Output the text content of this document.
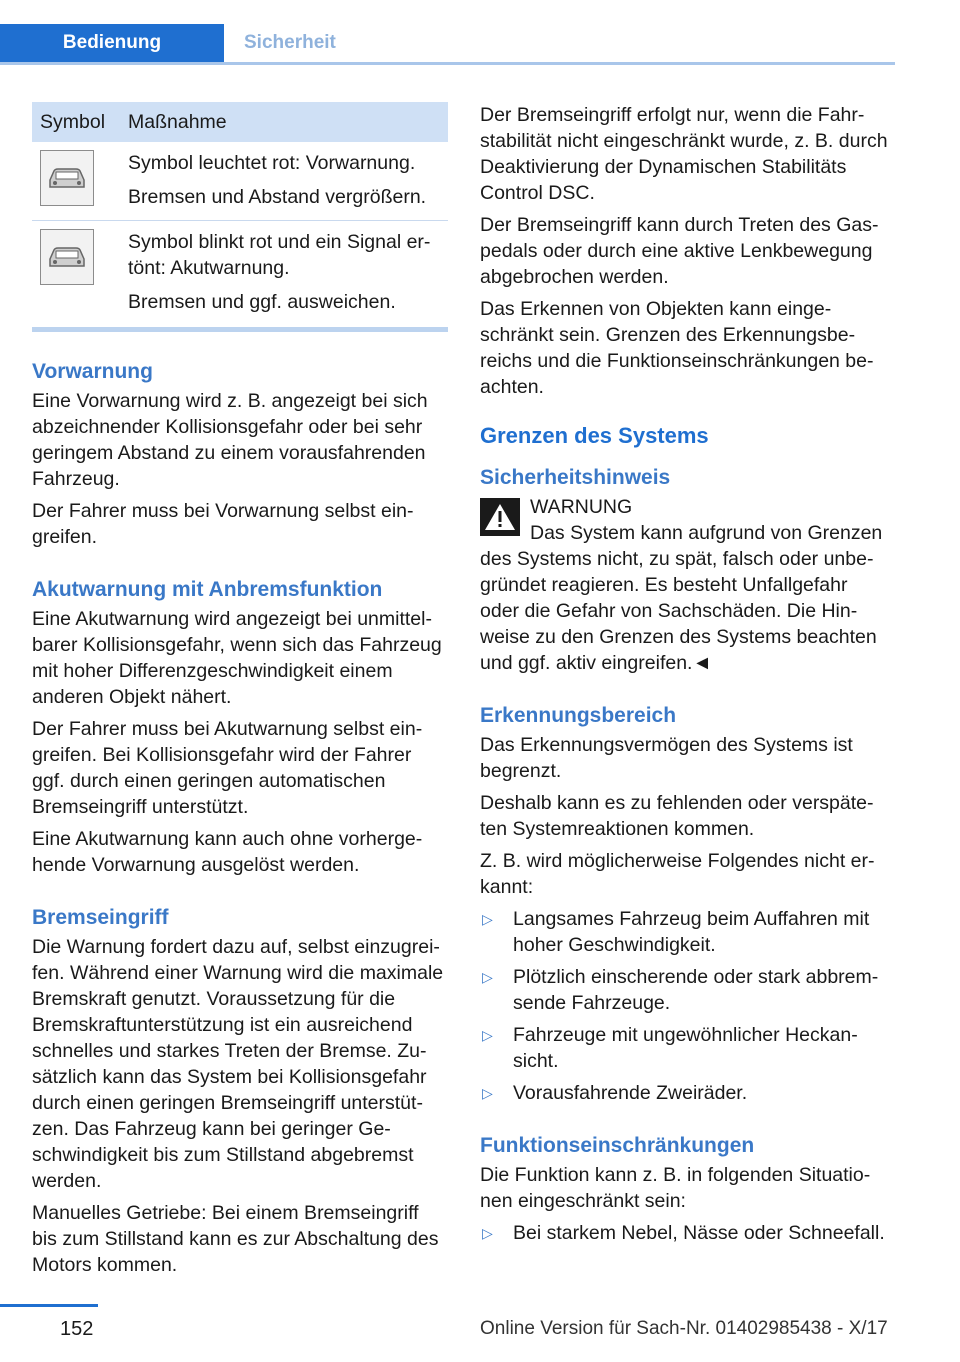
Bedienung	Sicherheit
Symbol	Maßnahme

Symbol leuchtet rot: Vorwarnung.
Bremsen und Abstand vergrößern.

Symbol blinkt rot und ein Signal ertönt: Akutwarnung.
Bremsen und ggf. ausweichen.
Vorwarnung

Eine Vorwarnung wird z. B. angezeigt bei sich abzeichnender Kollisionsgefahr oder bei sehr geringem Abstand zu einem vorausfahrenden Fahrzeug.

Der Fahrer muss bei Vorwarnung selbst eingreifen.

Akutwarnung mit Anbremsfunktion

Eine Akutwarnung wird angezeigt bei unmittelbarer Kollisionsgefahr, wenn sich das Fahrzeug mit hoher Differenzgeschwindigkeit einem anderen Objekt nähert.

Der Fahrer muss bei Akutwarnung selbst eingreifen. Bei Kollisionsgefahr wird der Fahrer ggf. durch einen geringen automatischen Bremseingriff unterstützt.

Eine Akutwarnung kann auch ohne vorhergehende Vorwarnung ausgelöst werden.

Bremseingriff

Die Warnung fordert dazu auf, selbst einzugreifen. Während einer Warnung wird die maximale Bremskraft genutzt. Voraussetzung für die Bremskraftunterstützung ist ein ausreichend schnelles und starkes Treten der Bremse. Zusätzlich kann das System bei Kollisionsgefahr durch einen geringen Bremseingriff unterstützen. Das Fahrzeug kann bei geringer Geschwindigkeit bis zum Stillstand abgebremst werden.

Manuelles Getriebe: Bei einem Bremseingriff bis zum Stillstand kann es zur Abschaltung des Motors kommen.

Der Bremseingriff erfolgt nur, wenn die Fahrstabilität nicht eingeschränkt wurde, z. B. durch Deaktivierung der Dynamischen Stabilitäts Control DSC.

Der Bremseingriff kann durch Treten des Gaspedals oder durch eine aktive Lenkbewegung abgebrochen werden.

Das Erkennen von Objekten kann eingeschränkt sein. Grenzen des Erkennungsbereichs und die Funktionseinschränkungen beachten.

Grenzen des Systems
Sicherheitshinweis
WARNUNG

Das System kann aufgrund von Grenzen des Systems nicht, zu spät, falsch oder unbegründet reagieren. Es besteht Unfallgefahr oder die Gefahr von Sachschäden. Die Hinweise zu den Grenzen des Systems beachten und ggf. aktiv eingreifen.◄

Erkennungsbereich

Das Erkennungsvermögen des Systems ist begrenzt.

Deshalb kann es zu fehlenden oder verspäteten Systemreaktionen kommen.

Z. B. wird möglicherweise Folgendes nicht erkannt:

▷ Langsames Fahrzeug beim Auffahren mit hoher Geschwindigkeit.
▷ Plötzlich einscherende oder stark abbremsende Fahrzeuge.
▷ Fahrzeuge mit ungewöhnlicher Heckansicht.
▷ Vorausfahrende Zweiräder.
Funktionseinschränkungen

Die Funktion kann z. B. in folgenden Situationen eingeschränkt sein:

▷ Bei starkem Nebel, Nässe oder Schneefall.
152	Online Version für Sach-Nr. 01402985438 - X/17
